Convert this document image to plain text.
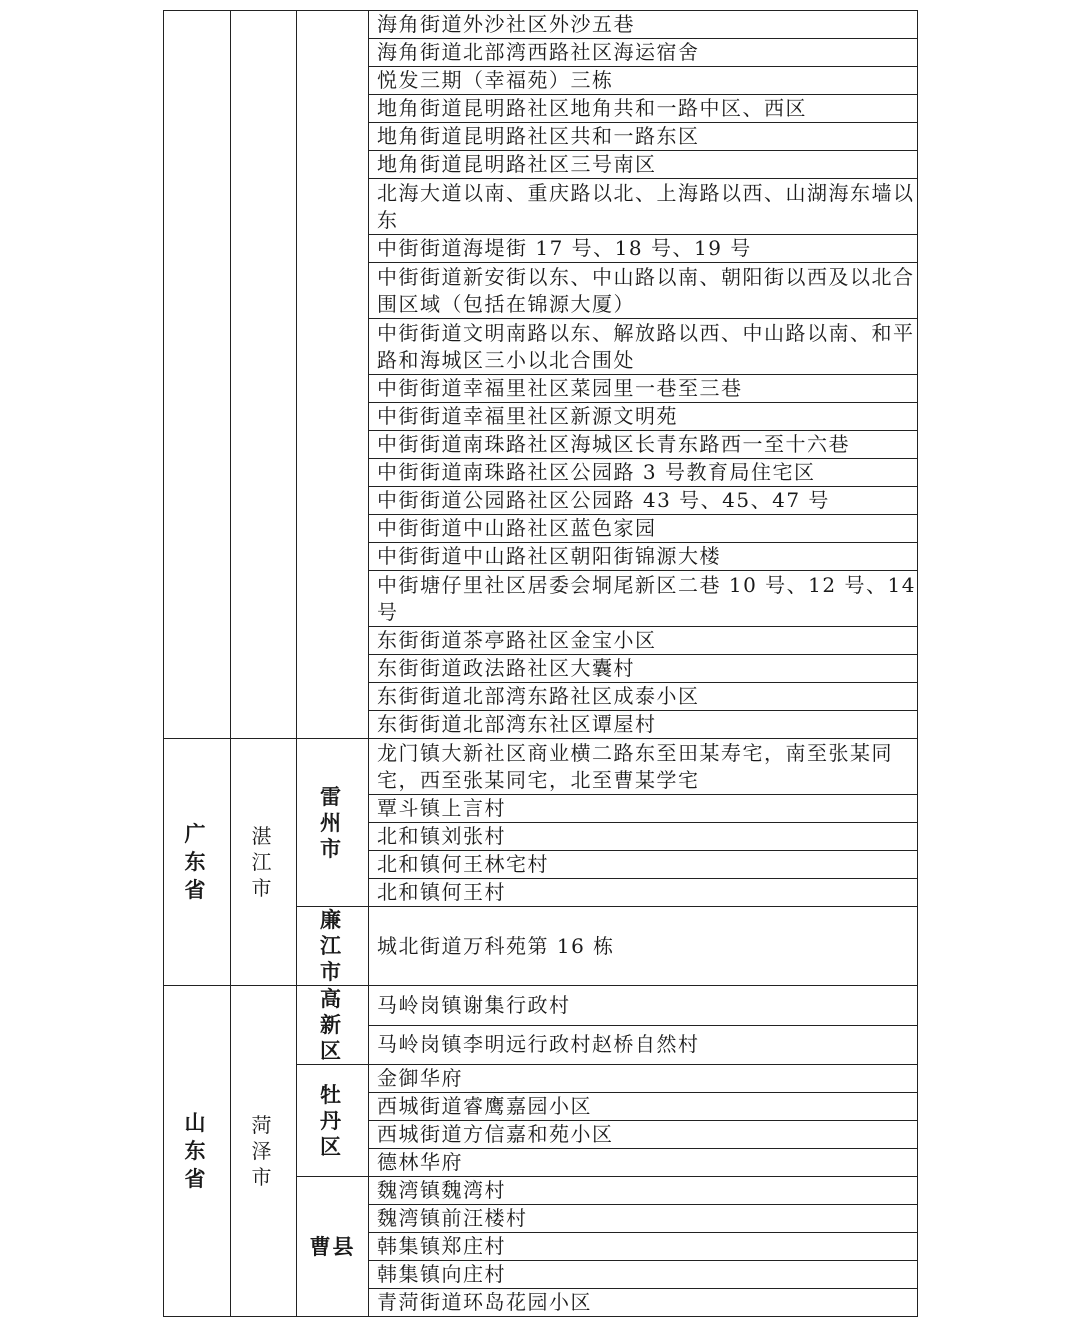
			海角街道外沙社区外沙五巷
			海角街道北部湾西路社区海运宿舍
			悦发三期（幸福苑）三栋
			地角街道昆明路社区地角共和一路中区、西区
			地角街道昆明路社区共和一路东区
			地角街道昆明路社区三号南区
			北海大道以南、重庆路以北、上海路以西、山湖海东墙以东
			中街街道海堤街 17 号、18 号、19 号
			中街街道新安街以东、中山路以南、朝阳街以西及以北合围区域（包括在锦源大厦）
			中街街道文明南路以东、解放路以西、中山路以南、和平路和海城区三小以北合围处
			中街街道幸福里社区菜园里一巷至三巷
			中街街道幸福里社区新源文明苑
			中街街道南珠路社区海城区长青东路西一至十六巷
			中街街道南珠路社区公园路 3 号教育局住宅区
			中街街道公园路社区公园路 43 号、45、47 号
			中街街道中山路社区蓝色家园
			中街街道中山路社区朝阳街锦源大楼
			中街塘仔里社区居委会垌尾新区二巷 10 号、12 号、14 号
			东街街道茶亭路社区金宝小区
			东街街道政法路社区大囊村
			东街街道北部湾东路社区成泰小区
			东街街道北部湾东社区谭屋村
广东省	湛江市	雷州市	龙门镇大新社区商业横二路东至田某寿宅，南至张某同宅，西至张某同宅，北至曹某学宅
			覃斗镇上言村
			北和镇刘张村
			北和镇何王林宅村
			北和镇何王村
		廉江市	城北街道万科苑第 16 栋
山东省	菏泽市	高新区	马岭岗镇谢集行政村
			马岭岗镇李明远行政村赵桥自然村
		牡丹区	金御华府
			西城街道睿鹰嘉园小区
			西城街道方信嘉和苑小区
			德林华府
		曹县	魏湾镇魏湾村
			魏湾镇前汪楼村
			韩集镇郑庄村
			韩集镇向庄村
			青菏街道环岛花园小区
